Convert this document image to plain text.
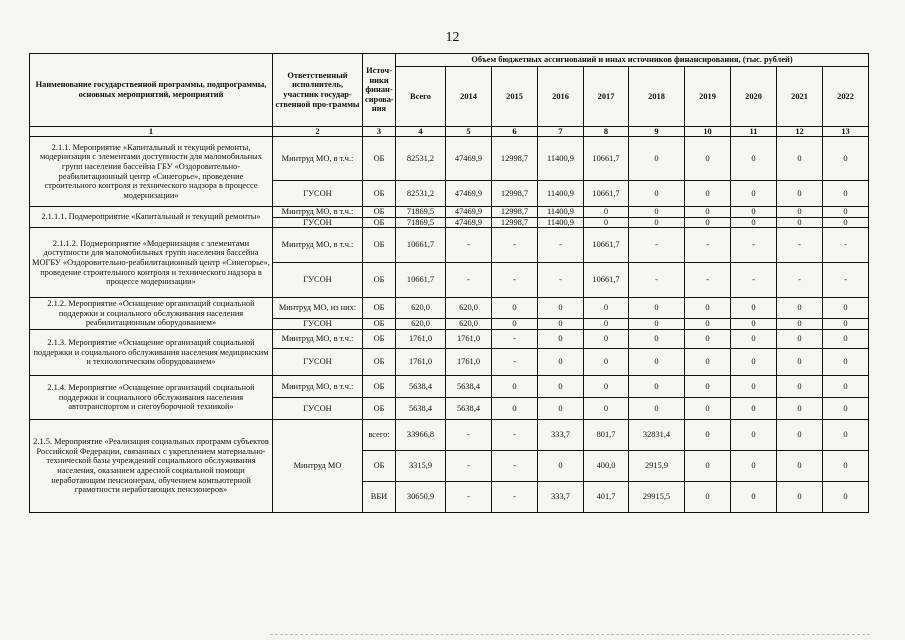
12
Наименование государственной программы, подпрограммы, основных мероприятий, мероприятий	Ответственный исполнитель, участник государ-ственной про-граммы	Источ-ники финан-сирова-ния	Объем бюджетных ассигнований и иных источников финансирования, (тыс. рублей)									
			Всего	2014	2015	2016	2017	2018	2019	2020	2021	2022
1	2	3	4	5	6	7	8	9	10	11	12	13
2.1.1. Мероприятие «Капитальный и текущий ремонты, модернизация с элементами доступности для маломобильных групп населения бассейна ГБУ «Оздоровительно-реабилитационный центр «Синегорье», проведение строительного контроля и технического надзора в процессе модернизации»	Минтруд МО, в т.ч.:	ОБ	82531,2	47469,9	12998,7	11400,9	10661,7	0	0	0	0	0
	ГУСОН	ОБ	82531,2	47469,9	12998,7	11400,9	10661,7	0	0	0	0	0
2.1.1.1. Подмероприятие «Капитальный и текущий ремонты»	Минтруд МО, в т.ч.:	ОБ	71869,5	47469,9	12998,7	11400,9	0	0	0	0	0	0
	ГУСОН	ОБ	71869,5	47469,9	12998,7	11400,9	0	0	0	0	0	0
2.1.1.2. Подмероприятие «Модернизация с элементами доступности для маломобильных групп населения бассейна МОГБУ «Оздоровительно-реабилитационный центр «Синегорье», проведение строительного контроля и технического надзора в процессе модернизации»	Минтруд МО, в т.ч.:	ОБ	10661,7	-	-	-	10661,7	-	-	-	-	-
	ГУСОН	ОБ	10661,7	-	-	-	10661,7	-	-	-	-	-
2.1.2. Мероприятие «Оснащение организаций социальной поддержки и социального обслуживания населения реабилитационным оборудованием»	Минтруд МО, из них:	ОБ	620,0	620,0	0	0	0	0	0	0	0	0
	ГУСОН	ОБ	620,0	620,0	0	0	0	0	0	0	0	0
2.1.3. Мероприятие «Оснащение организаций социальной поддержки и социального обслуживания населения медицинским и технологическим оборудованием»	Минтруд МО, в т.ч.:	ОБ	1761,0	1761,0	-	0	0	0	0	0	0	0
	ГУСОН	ОБ	1761,0	1761,0	-	0	0	0	0	0	0	0
2.1.4. Мероприятие «Оснащение организаций социальной поддержки и социального обслуживания населения автотранспортом и снегоуборочной техникой»	Минтруд МО, в т.ч.:	ОБ	5638,4	5638,4	0	0	0	0	0	0	0	0
	ГУСОН	ОБ	5638,4	5638,4	0	0	0	0	0	0	0	0
2.1.5. Мероприятие «Реализация социальных программ субъектов Российской Федерации, связанных с укреплением материально-технической базы учреждений социального обслуживания населения, оказанием адресной социальной помощи неработающим пенсионерам, обучением компьютерной грамотности неработающих пенсионеров»	Минтруд МО	всего:	33966,8	-	-	333,7	801,7	32831,4	0	0	0	0
		ОБ	3315,9	-	-	0	400,0	2915,9	0	0	0	0
		ВБИ	30650,9	-	-	333,7	401,7	29915,5	0	0	0	0
